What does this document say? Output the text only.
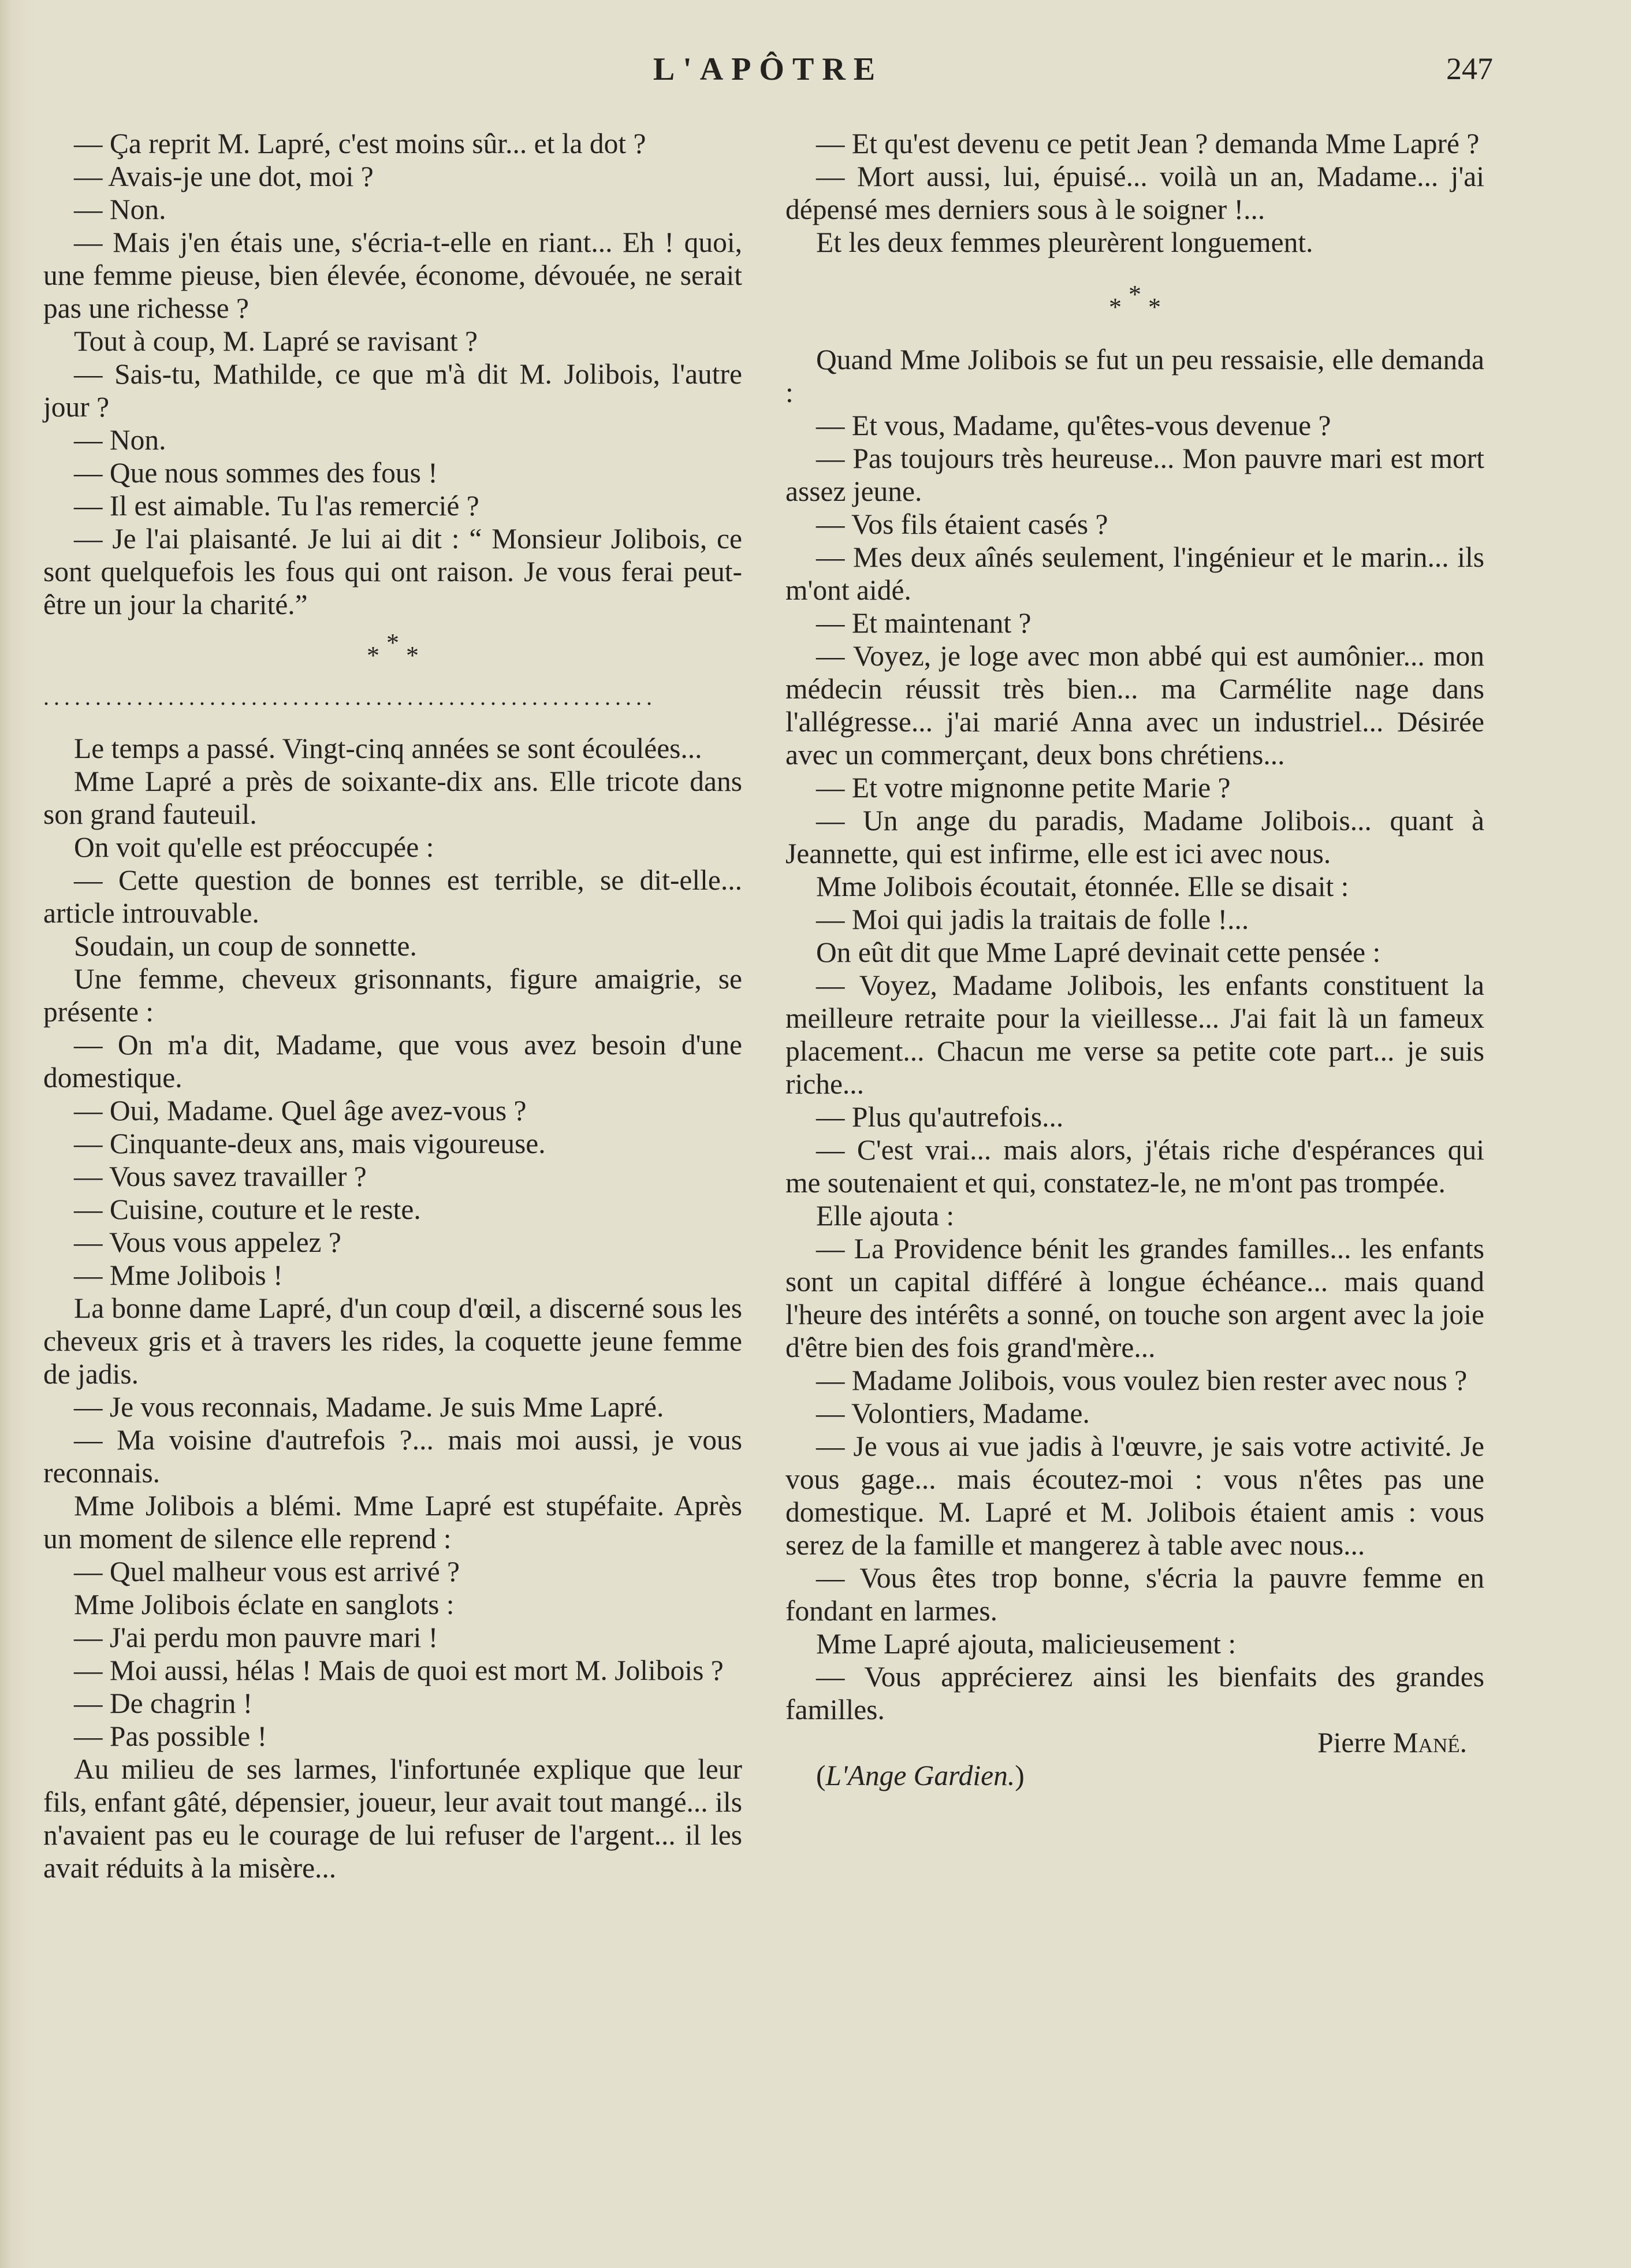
L'APÔTRE	247

— Ça reprit M. Lapré, c'est moins sûr... et la dot ?

— Avais-je une dot, moi ?

— Non.

— Mais j'en étais une, s'écria-t-elle en riant... Eh ! quoi, une femme pieuse, bien élevée, économe, dévouée, ne serait pas une richesse ?

Tout à coup, M. Lapré se ravisant ?

— Sais-tu, Mathilde, ce que m'à dit M. Jolibois, l'autre jour ?

— Non.

— Que nous sommes des fous !

— Il est aimable. Tu l'as remercié ?

— Je l'ai plaisanté. Je lui ai dit : “ Monsieur Jolibois, ce sont quelquefois les fous qui ont raison. Je vous ferai peut-être un jour la charité.”

* * *
...........................................................

Le temps a passé. Vingt-cinq années se sont écoulées...

Mme Lapré a près de soixante-dix ans. Elle tricote dans son grand fauteuil.

On voit qu'elle est préoccupée :

— Cette question de bonnes est terrible, se dit-elle... article introuvable.

Soudain, un coup de sonnette.

Une femme, cheveux grisonnants, figure amaigrie, se présente :

— On m'a dit, Madame, que vous avez besoin d'une domestique.

— Oui, Madame. Quel âge avez-vous ?

— Cinquante-deux ans, mais vigoureuse.

— Vous savez travailler ?

— Cuisine, couture et le reste.

— Vous vous appelez ?

— Mme Jolibois !

La bonne dame Lapré, d'un coup d'œil, a discerné sous les cheveux gris et à travers les rides, la coquette jeune femme de jadis.

— Je vous reconnais, Madame. Je suis Mme Lapré.

— Ma voisine d'autrefois ?... mais moi aussi, je vous reconnais.

Mme Jolibois a blémi. Mme Lapré est stupéfaite. Après un moment de silence elle reprend :

— Quel malheur vous est arrivé ?

Mme Jolibois éclate en sanglots :

— J'ai perdu mon pauvre mari !

— Moi aussi, hélas ! Mais de quoi est mort M. Jolibois ?

— De chagrin !

— Pas possible !

Au milieu de ses larmes, l'infortunée explique que leur fils, enfant gâté, dépensier, joueur, leur avait tout mangé... ils n'avaient pas eu le courage de lui refuser de l'argent... il les avait réduits à la misère...

— Et qu'est devenu ce petit Jean ? demanda Mme Lapré ?

— Mort aussi, lui, épuisé... voilà un an, Madame... j'ai dépensé mes derniers sous à le soigner !...

Et les deux femmes pleurèrent longuement.

* * *

Quand Mme Jolibois se fut un peu ressaisie, elle demanda :

— Et vous, Madame, qu'êtes-vous devenue ?

— Pas toujours très heureuse... Mon pauvre mari est mort assez jeune.

— Vos fils étaient casés ?

— Mes deux aînés seulement, l'ingénieur et le marin... ils m'ont aidé.

— Et maintenant ?

— Voyez, je loge avec mon abbé qui est aumônier... mon médecin réussit très bien... ma Carmélite nage dans l'allégresse... j'ai marié Anna avec un industriel... Désirée avec un commerçant, deux bons chrétiens...

— Et votre mignonne petite Marie ?

— Un ange du paradis, Madame Jolibois... quant à Jeannette, qui est infirme, elle est ici avec nous.

Mme Jolibois écoutait, étonnée. Elle se disait :

— Moi qui jadis la traitais de folle !...

On eût dit que Mme Lapré devinait cette pensée :

— Voyez, Madame Jolibois, les enfants constituent la meilleure retraite pour la vieillesse... J'ai fait là un fameux placement... Chacun me verse sa petite cote part... je suis riche...

— Plus qu'autrefois...

— C'est vrai... mais alors, j'étais riche d'espérances qui me soutenaient et qui, constatez-le, ne m'ont pas trompée.

Elle ajouta :

— La Providence bénit les grandes familles... les enfants sont un capital différé à longue échéance... mais quand l'heure des intérêts a sonné, on touche son argent avec la joie d'être bien des fois grand'mère...

— Madame Jolibois, vous voulez bien rester avec nous ?

— Volontiers, Madame.

— Je vous ai vue jadis à l'œuvre, je sais votre activité. Je vous gage... mais écoutez-moi : vous n'êtes pas une domestique. M. Lapré et M. Jolibois étaient amis : vous serez de la famille et mangerez à table avec nous...

— Vous êtes trop bonne, s'écria la pauvre femme en fondant en larmes.

Mme Lapré ajouta, malicieusement :

— Vous apprécierez ainsi les bienfaits des grandes familles.

Pierre Mané.

(L'Ange Gardien.)
